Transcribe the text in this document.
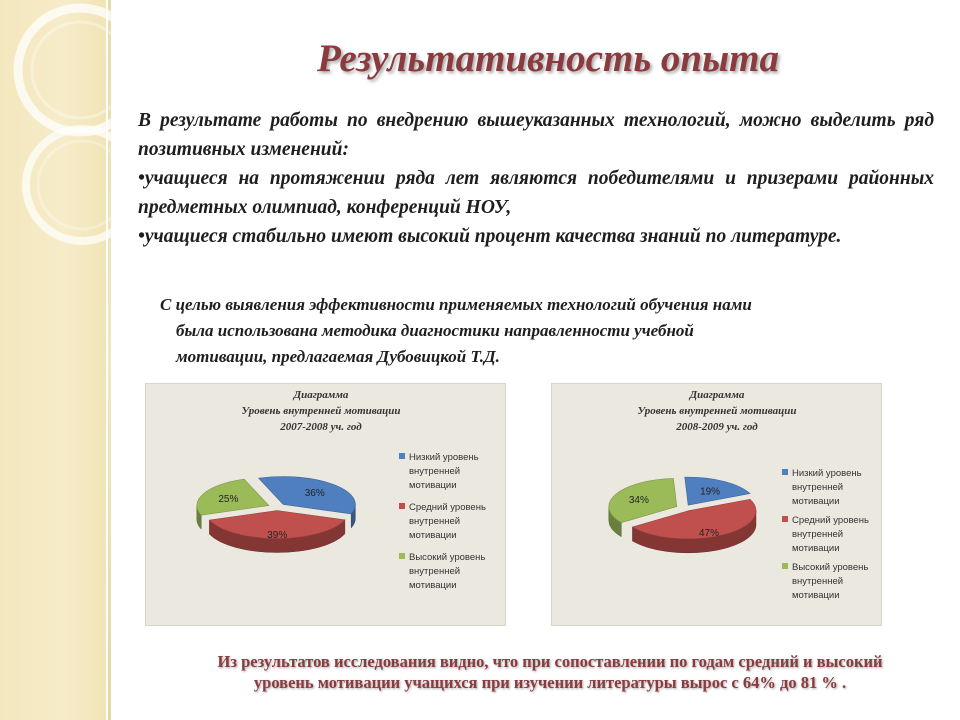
Результативность опыта

В результате работы по внедрению вышеуказанных технологий, можно выделить ряд позитивных изменений:

•учащиеся на протяжении ряда лет являются победителями и призерами районных предметных олимпиад, конференций НОУ,

•учащиеся стабильно имеют высокий процент качества знаний по литературе.

С целью выявления эффективности применяемых технологий обучения нами
была использована методика диагностики направленности учебной
мотивации, предлагаемая Дубовицкой Т.Д.
Диаграмма
Уровень внутренней мотивации
2007-2008 уч. год
36%
25%
39%
Низкий уровень
внутренней
мотивации
Средний уровень
внутренней
мотивации
Высокий уровень
внутренней
мотивации
Диаграмма
Уровень внутренней мотивации
2008-2009 уч. год
19%
34%
47%
Низкий уровень
внутренней
мотивации
Средний уровень
внутренней
мотивации
Высокий уровень
внутренней
мотивации
Из результатов исследования видно, что при сопоставлении по годам средний и высокий
уровень мотивации учащихся при изучении литературы вырос с 64% до 81 % .
